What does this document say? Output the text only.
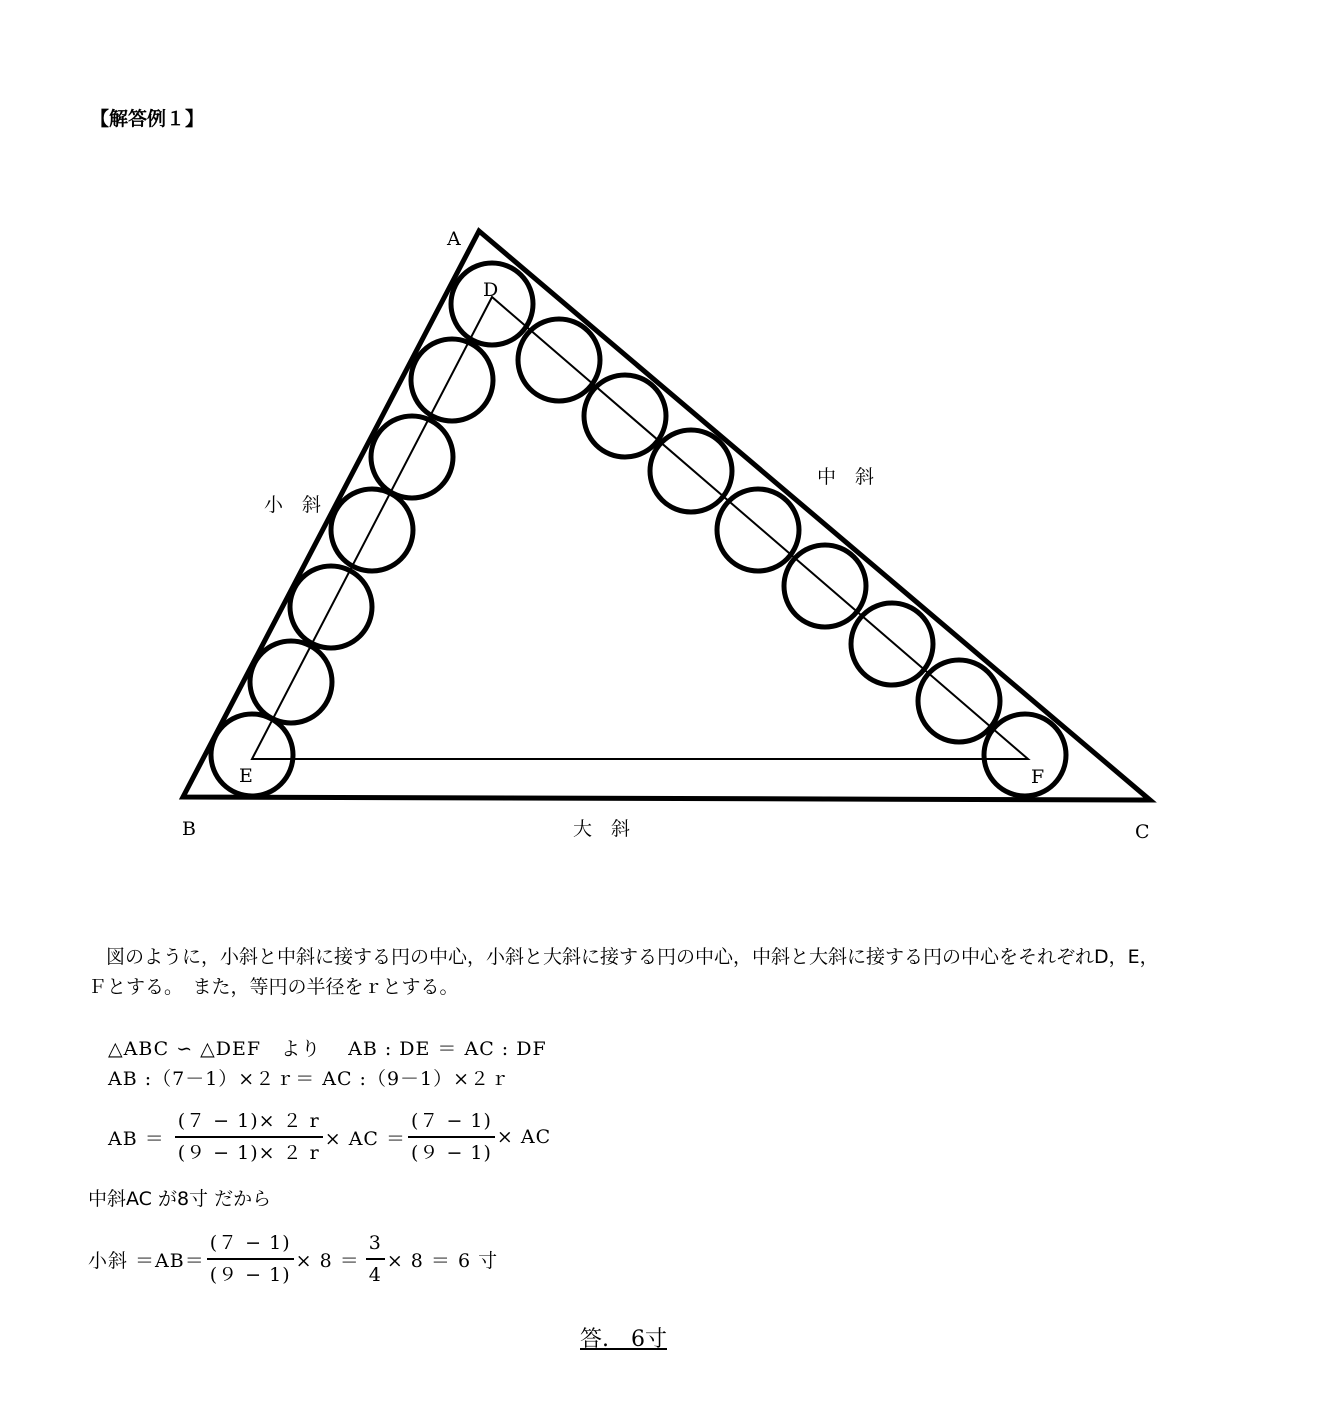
【解答例１】
A
D
E	F
B	C
小　斜
中　斜
大　斜
図のように，小斜と中斜に接する円の中心，小斜と大斜に接する円の中心，中斜と大斜に接する円の中心をそれぞれD，E，
Ｆとする。　また，等円の半径をｒとする。
△ABC ∽ △DEF　より　 AB : DE ＝ AC : DF
AB :（7－1）×２ｒ＝ AC :（9－1）×２ｒ
AB ＝ $\frac{(7 - 1)\times 2 r}{(9 - 1)\times 2 r}$ × AC ＝ $\frac{(7 - 1)}{(9 - 1)}$ × AC
中斜AC が8寸 だから
小斜 $=AB= \frac{(7 - 1)}{(9 - 1)} \times 8 = \frac{3}{4} \times 8 = 6$ 寸
答.　6寸
